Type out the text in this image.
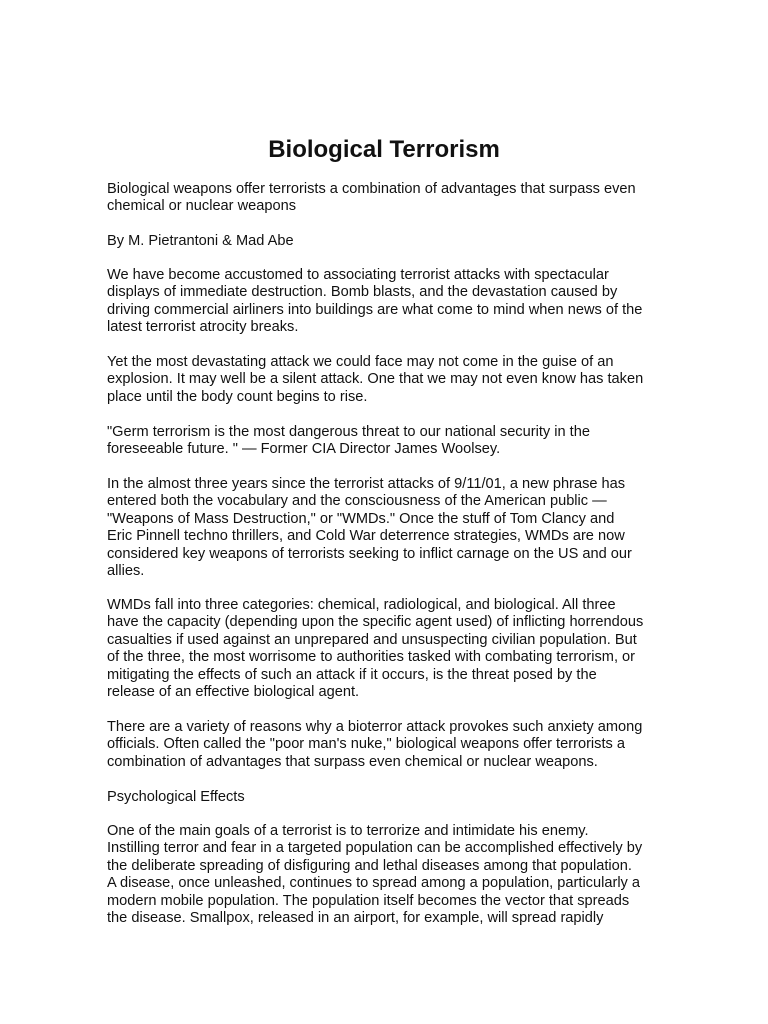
Biological Terrorism

Biological weapons offer terrorists a combination of advantages that surpass even
chemical or nuclear weapons

By M. Pietrantoni & Mad Abe

We have become accustomed to associating terrorist attacks with spectacular
displays of immediate destruction. Bomb blasts, and the devastation caused by
driving commercial airliners into buildings are what come to mind when news of the
latest terrorist atrocity breaks.

Yet the most devastating attack we could face may not come in the guise of an
explosion. It may well be a silent attack. One that we may not even know has taken
place until the body count begins to rise.

"Germ terrorism is the most dangerous threat to our national security in the
foreseeable future. " — Former CIA Director James Woolsey.

In the almost three years since the terrorist attacks of 9/11/01, a new phrase has
entered both the vocabulary and the consciousness of the American public —
"Weapons of Mass Destruction," or "WMDs." Once the stuff of Tom Clancy and
Eric Pinnell techno thrillers, and Cold War deterrence strategies, WMDs are now
considered key weapons of terrorists seeking to inflict carnage on the US and our
allies.

WMDs fall into three categories: chemical, radiological, and biological. All three
have the capacity (depending upon the specific agent used) of inflicting horrendous
casualties if used against an unprepared and unsuspecting civilian population. But
of the three, the most worrisome to authorities tasked with combating terrorism, or
mitigating the effects of such an attack if it occurs, is the threat posed by the
release of an effective biological agent.

There are a variety of reasons why a bioterror attack provokes such anxiety among
officials. Often called the "poor man's nuke," biological weapons offer terrorists a
combination of advantages that surpass even chemical or nuclear weapons.

Psychological Effects

One of the main goals of a terrorist is to terrorize and intimidate his enemy.
Instilling terror and fear in a targeted population can be accomplished effectively by
the deliberate spreading of disfiguring and lethal diseases among that population.
A disease, once unleashed, continues to spread among a population, particularly a
modern mobile population. The population itself becomes the vector that spreads
the disease. Smallpox, released in an airport, for example, will spread rapidly
